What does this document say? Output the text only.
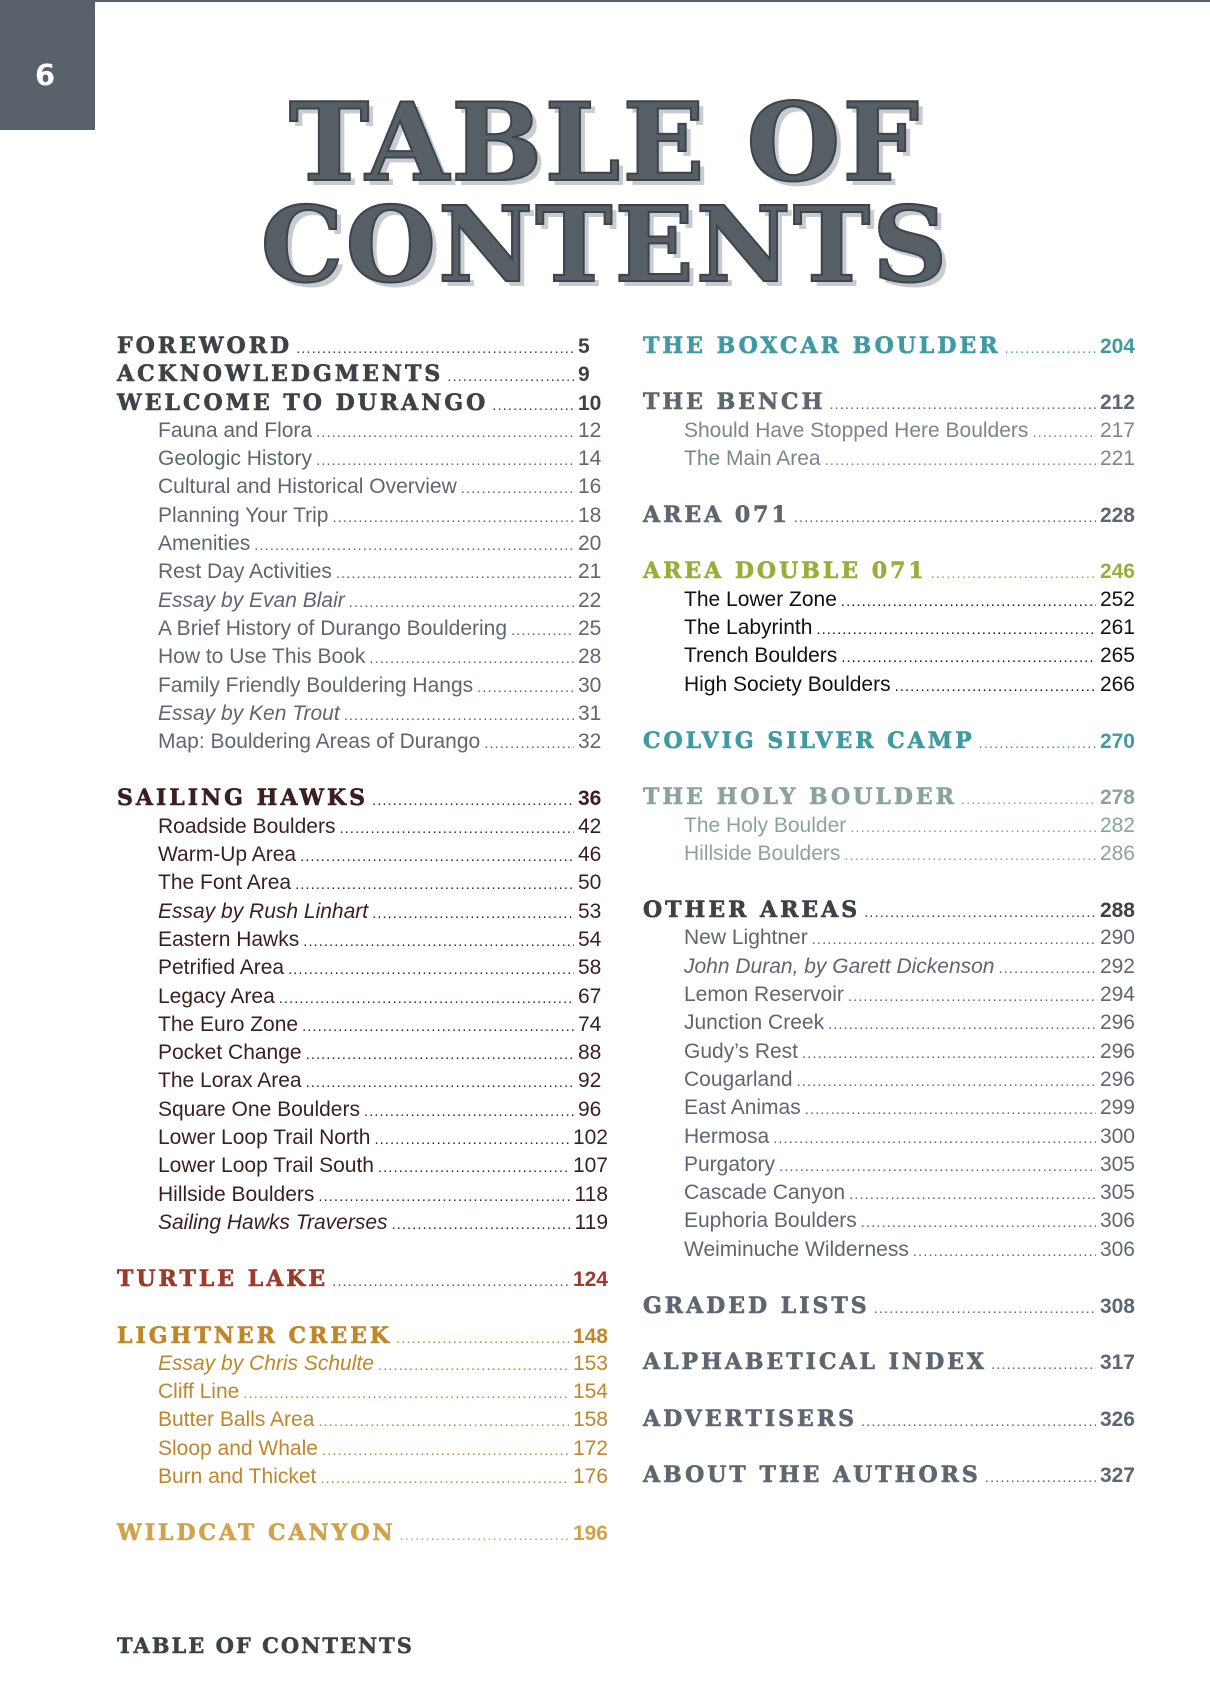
6
TABLE OF
CONTENTS
FOREWORD .....	5
ACKNOWLEDGMENTS .....	9
WELCOME TO DURANGO .....	10
Fauna and Flora .....	12
Geologic History .....	14
Cultural and Historical Overview .....	16
Planning Your Trip .....	18
Amenities .....	20
Rest Day Activities .....	21
Essay by Evan Blair .....	22
A Brief History of Durango Bouldering .....	25
How to Use This Book .....	28
Family Friendly Bouldering Hangs .....	30
Essay by Ken Trout .....	31
Map: Bouldering Areas of Durango .....	32
SAILING HAWKS .....	36
Roadside Boulders .....	42
Warm-Up Area .....	46
The Font Area .....	50
Essay by Rush Linhart .....	53
Eastern Hawks .....	54
Petrified Area .....	58
Legacy Area .....	67
The Euro Zone .....	74
Pocket Change .....	88
The Lorax Area .....	92
Square One Boulders .....	96
Lower Loop Trail North .....	102
Lower Loop Trail South .....	107
Hillside Boulders .....	118
Sailing Hawks Traverses .....	119
TURTLE LAKE .....	124
LIGHTNER CREEK .....	148
Essay by Chris Schulte .....	153
Cliff Line .....	154
Butter Balls Area .....	158
Sloop and Whale .....	172
Burn and Thicket .....	176
WILDCAT CANYON .....	196
THE BOXCAR BOULDER .....	204
THE BENCH .....	212
Should Have Stopped Here Boulders .....	217
The Main Area .....	221
AREA 071 .....	228
AREA DOUBLE 071 .....	246
The Lower Zone .....	252
The Labyrinth .....	261
Trench Boulders .....	265
High Society Boulders .....	266
COLVIG SILVER CAMP .....	270
THE HOLY BOULDER .....	278
The Holy Boulder .....	282
Hillside Boulders .....	286
OTHER AREAS .....	288
New Lightner .....	290
John Duran, by Garett Dickenson .....	292
Lemon Reservoir .....	294
Junction Creek .....	296
Gudy’s Rest .....	296
Cougarland .....	296
East Animas .....	299
Hermosa .....	300
Purgatory .....	305
Cascade Canyon .....	305
Euphoria Boulders .....	306
Weiminuche Wilderness .....	306
GRADED LISTS .....	308
ALPHABETICAL INDEX .....	317
ADVERTISERS .....	326
ABOUT THE AUTHORS .....	327
TABLE OF CONTENTS
